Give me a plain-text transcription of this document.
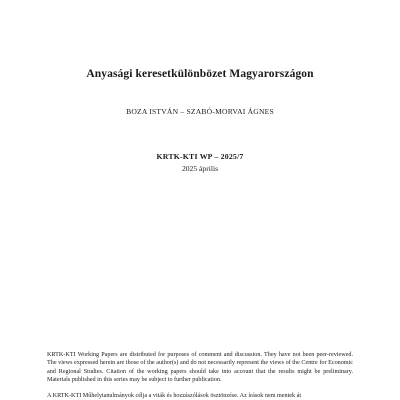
Anyasági keresetkülönbözet Magyarországon
BOZA ISTVÁN – SZABÓ-MORVAI ÁGNES
KRTK-KTI WP – 2025/7
2025 április
KRTK-KTI Working Papers are distributed for purposes of comment and discussion. They have not been peer-reviewed. The views expressed herein are those of the author(s) and do not necessarily represent the views of the Centre for Economic and Regional Studies. Citation of the working papers should take into account that the results might be preliminary. Materials published in this series may be subject to further publication.
A KRTK-KTI Műhelytanulmányok célja a viták és hozzászólások ösztönzése. Az írások nem mentek át
